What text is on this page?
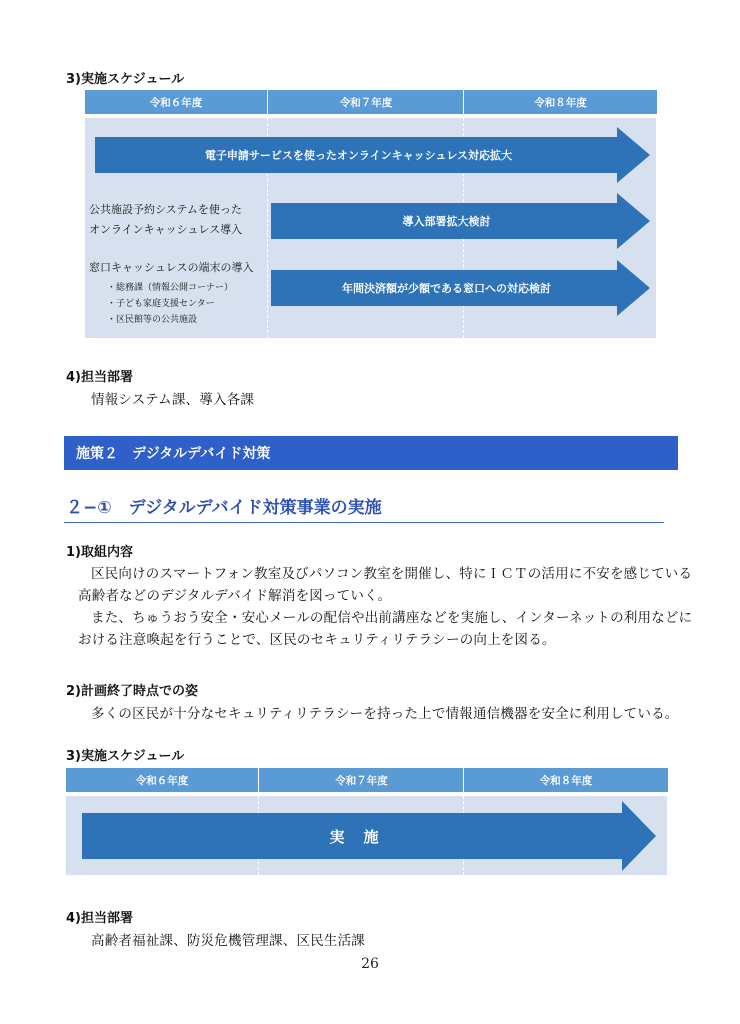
3)実施スケジュール
令和６年度	令和７年度	令和８年度
電子申請サービスを使ったオンラインキャッシュレス対応拡大
公共施設予約システムを使った
オンラインキャッシュレス導入
導入部署拡大検討
窓口キャッシュレスの端末の導入
・総務課（情報公開コーナー）
・子ども家庭支援センター
・区民館等の公共施設
年間決済額が少額である窓口への対応検討
4)担当部署
情報システム課、導入各課
施策２　デジタルデバイド対策
２−①　デジタルデバイド対策事業の実施
1)取組内容
区民向けのスマートフォン教室及びパソコン教室を開催し、特にＩＣＴの活用に不安を感じている
高齢者などのデジタルデバイド解消を図っていく。
また、ちゅうおう安全・安心メールの配信や出前講座などを実施し、インターネットの利用などに
おける注意喚起を行うことで、区民のセキュリティリテラシーの向上を図る。
2)計画終了時点での姿
多くの区民が十分なセキュリティリテラシーを持った上で情報通信機器を安全に利用している。
3)実施スケジュール
令和６年度	令和７年度	令和８年度
実　施
4)担当部署
高齢者福祉課、防災危機管理課、区民生活課
26
